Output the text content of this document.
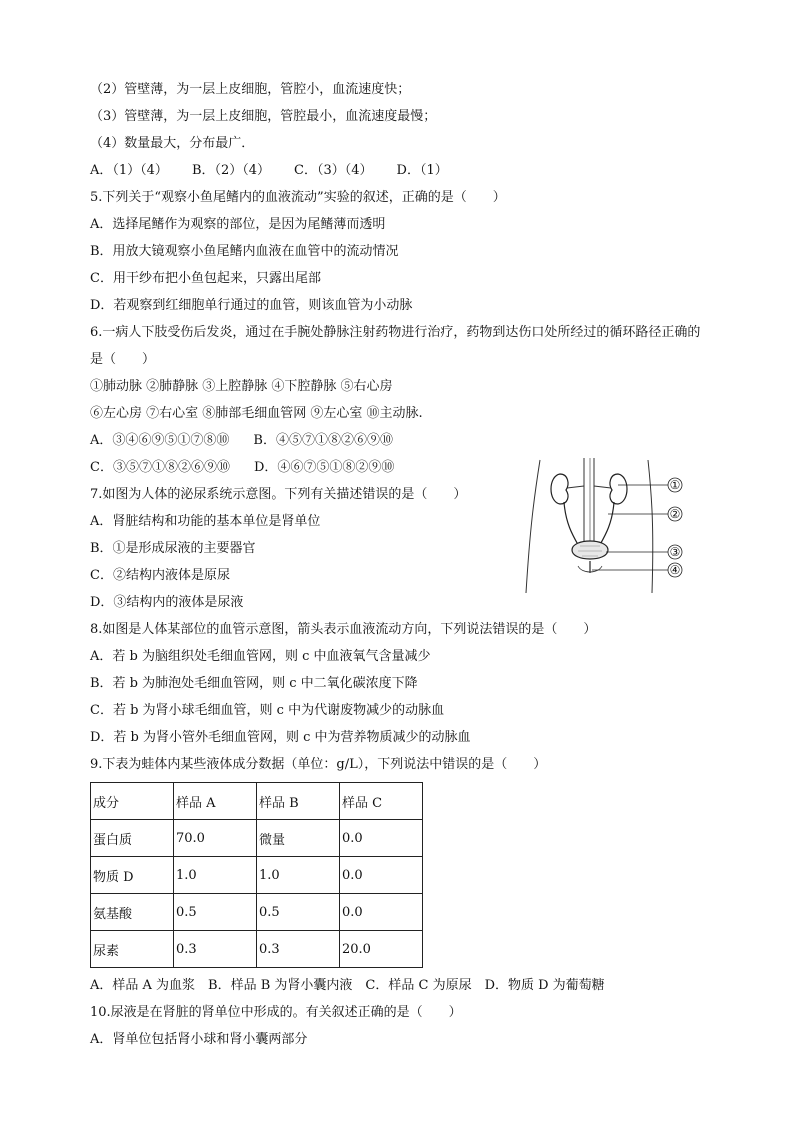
（2）管壁薄，为一层上皮细胞，管腔小，血流速度快；
（3）管壁薄，为一层上皮细胞，管腔最小，血流速度最慢；
（4）数量最大，分布最广．
A．（1）（4） B．（2）（4） C．（3）（4） D．（1）
5.下列关于“观察小鱼尾鳍内的血液流动”实验的叙述，正确的是（　　）
A．选择尾鳍作为观察的部位，是因为尾鳍薄而透明
B．用放大镜观察小鱼尾鳍内血液在血管中的流动情况
C．用干纱布把小鱼包起来，只露出尾部
D．若观察到红细胞单行通过的血管，则该血管为小动脉
6.一病人下肢受伤后发炎，通过在手腕处静脉注射药物进行治疗，药物到达伤口处所经过的循环路径正确的是（　　）
①肺动脉 ②肺静脉 ③上腔静脉 ④下腔静脉 ⑤右心房
⑥左心房 ⑦右心室 ⑧肺部毛细血管网 ⑨左心室 ⑩主动脉.
A．③④⑥⑨⑤①⑦⑧⑩ B．④⑤⑦①⑧②⑥⑨⑩
C．③⑤⑦①⑧②⑥⑨⑩ D．④⑥⑦⑤①⑧②⑨⑩
7.如图为人体的泌尿系统示意图。下列有关描述错误的是（　　）
A．肾脏结构和功能的基本单位是肾单位
B．①是形成尿液的主要器官
C．②结构内液体是原尿
D．③结构内的液体是尿液
8.如图是人体某部位的血管示意图，箭头表示血液流动方向，下列说法错误的是（　　）
A．若 b 为脑组织处毛细血管网，则 c 中血液氧气含量减少
B．若 b 为肺泡处毛细血管网，则 c 中二氧化碳浓度下降
C．若 b 为肾小球毛细血管，则 c 中为代谢废物减少的动脉血
D．若 b 为肾小管外毛细血管网，则 c 中为营养物质减少的动脉血
9.下表为蛙体内某些液体成分数据（单位：g/L），下列说法中错误的是（　　）
成分	样品 A	样品 B	样品 C
蛋白质	70.0	微量	0.0
物质 D	1.0	1.0	0.0
氨基酸	0.5	0.5	0.0
尿素	0.3	0.3	20.0
A．样品 A 为血浆　B．样品 B 为肾小囊内液　C．样品 C 为原尿　D．物质 D 为葡萄糖
10.尿液是在肾脏的肾单位中形成的。有关叙述正确的是（　　）
A．肾单位包括肾小球和肾小囊两部分
①
②
③
④
